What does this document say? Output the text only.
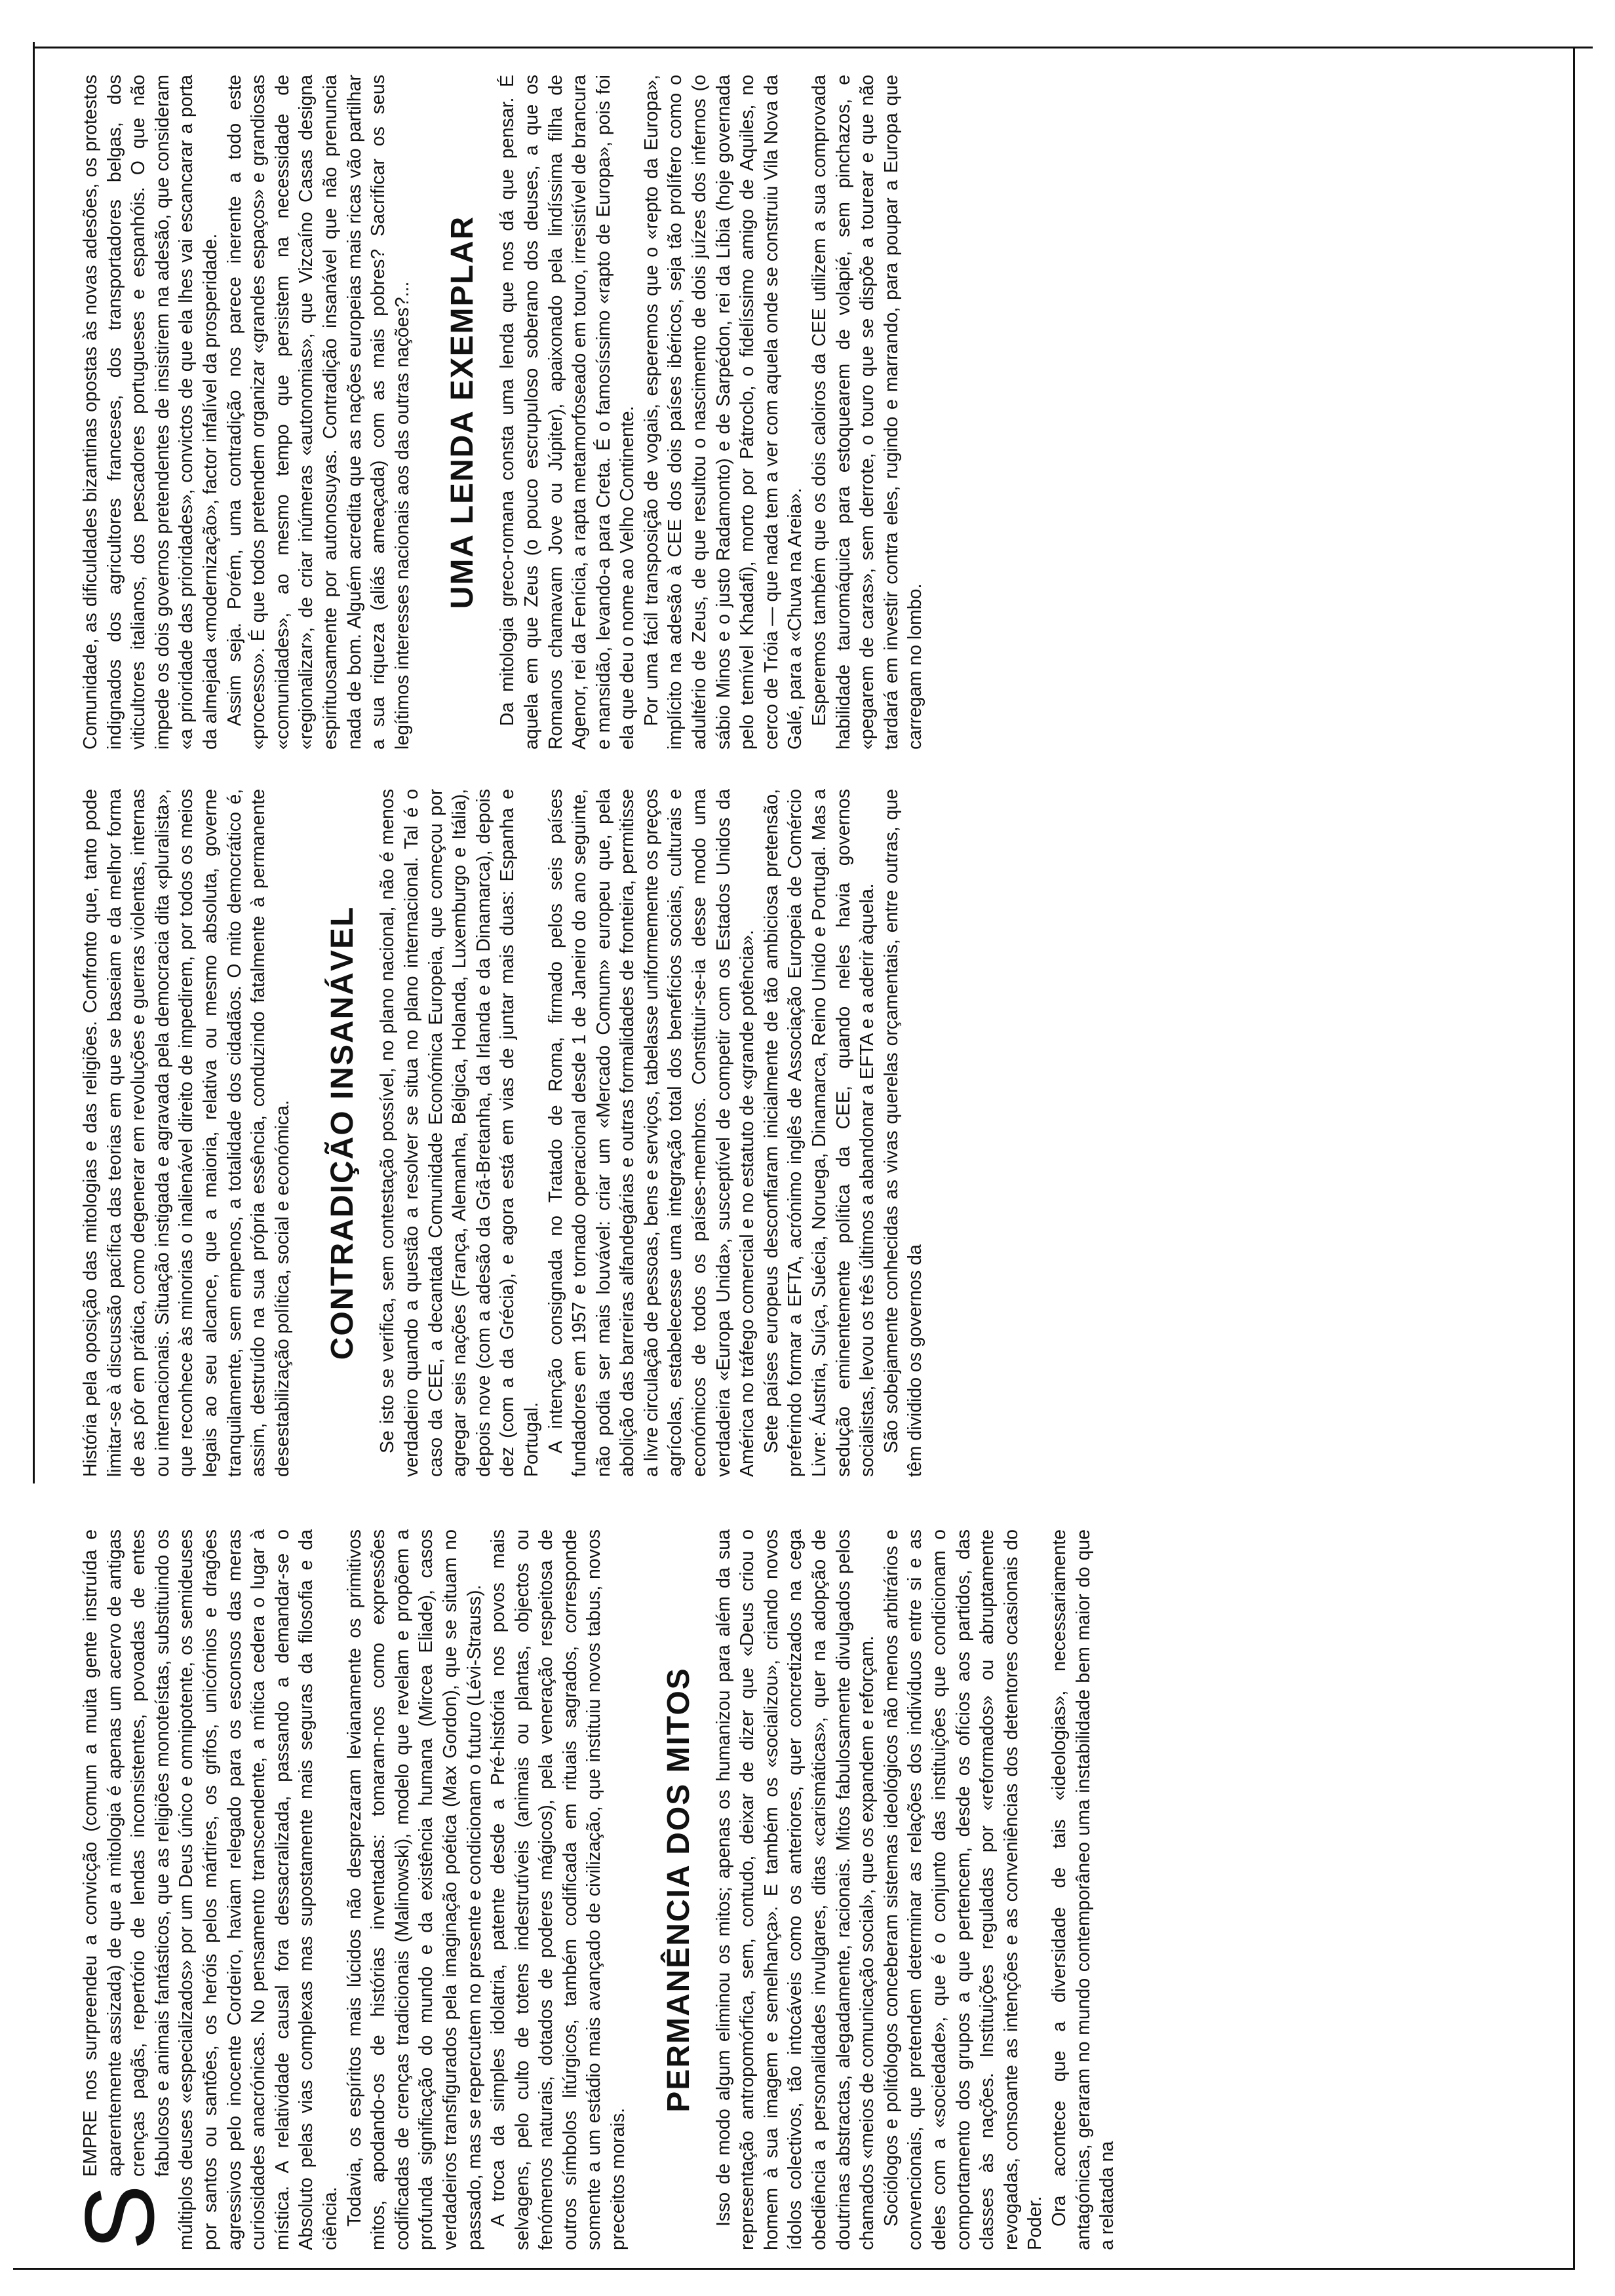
S

EMPRE nos surpreendeu a convicção (comum a muita gente instruída e aparentemente assizada) de que a mitologia é apenas um acervo de antigas crenças pagãs, repertório de lendas inconsistentes, povoadas de entes fabulosos e animais fantásticos, que as religiões monoteístas, substituindo os múltiplos deuses «especializados» por um Deus único e omnipotente, os semideuses por santos ou santões, os heróis pelos mártires, os grifos, unicórnios e dragões agressivos pelo inocente Cordeiro, haviam relegado para os esconsos das meras curiosidades anacrónicas. No pensamento transcendente, a mítica cedera o lugar à mística. A relatividade causal fora dessacralizada, passando a demandar-se o Absoluto pelas vias complexas mas supostamente mais seguras da filosofia e da ciência. Todavia, os espíritos mais lúcidos não desprezaram levianamente os primitivos mitos, apodando-os de histórias inventadas: tomaram-nos como expressões codificadas de crenças tradicionais (Malinowski), modelo que revelam e propõem a profunda significação do mundo e da existência humana (Mircea Eliade), casos verdadeiros transfigurados pela imaginação poética (Max Gordon), que se situam no passado, mas se repercutem no presente e condicionam o futuro (Lévi-Strauss). A troca da simples idolatria, patente desde a Pré-história nos povos mais selvagens, pelo culto de totens indestrutíveis (animais ou plantas, objectos ou fenómenos naturais, dotados de poderes mágicos), pela veneração respeitosa de outros símbolos litúrgicos, também codificada em rituais sagrados, corresponde somente a um estádio mais avançado de civilização, que instituiu novos tabus, novos preceitos morais.

PERMANÊNCIA DOS MITOS Isso de modo algum eliminou os mitos; apenas os humanizou para além da sua representação antropomórfica, sem, contudo, deixar de dizer que «Deus criou o homem à sua imagem e semelhança». E também os «socializou», criando novos ídolos colectivos, tão intocáveis como os anteriores, quer concretizados na cega obediência a personalidades invulgares, ditas «carismáticas», quer na adopção de doutrinas abstractas, alegadamente, racionais. Mitos fabulosamente divulgados pelos chamados «meios de comunicação social», que os expandem e reforçam. Sociólogos e politólogos conceberam sistemas ideológicos não menos arbitrários e convencionais, que pretendem determinar as relações dos indivíduos entre si e as deles com a «sociedade», que é o conjunto das instituições que condicionam o comportamento dos grupos a que pertencem, desde os ofícios aos partidos, das classes às nações. Instituições reguladas por «reformados» ou abruptamente revogadas, consoante as intenções e as conveniências dos detentores ocasionais do Poder. Ora acontece que a diversidade de tais «ideologias», necessariamente antagónicas, geraram no mundo contemporâneo uma instabilidade bem maior do que a relatada na

História pela oposição das mitologias e das religiões. Confronto que, tanto pode limitar-se à discussão pacífica das teorias em que se baseiam e da melhor forma de as pôr em prática, como degenerar em revoluções e guerras violentas, internas ou internacionais. Situação instigada e agravada pela democracia dita «pluralista», que reconhece às minorias o inalienável direito de impedirem, por todos os meios legais ao seu alcance, que a maioria, relativa ou mesmo absoluta, governe tranquilamente, sem empenos, a totalidade dos cidadãos. O mito democrático é, assim, destruído na sua própria essência, conduzindo fatalmente à permanente desestabilização política, social e económica. CONTRADIÇÃO INSANÁVEL Se isto se verifica, sem contestação possível, no plano nacional, não é menos verdadeiro quando a questão a resolver se situa no plano internacional. Tal é o caso da CEE, a decantada Comunidade Económica Europeia, que começou por agregar seis nações (França, Alemanha, Bélgica, Holanda, Luxemburgo e Itália), depois nove (com a adesão da Grã-Bretanha, da Irlanda e da Dinamarca), depois dez (com a da Grécia), e agora está em vias de juntar mais duas: Espanha e Portugal. A intenção consignada no Tratado de Roma, firmado pelos seis países fundadores em 1957 e tornado operacional desde 1 de Janeiro do ano seguinte, não podia ser mais louvável: criar um «Mercado Comum» europeu que, pela abolição das barreiras alfandegárias e outras formalidades de fronteira, permitisse a livre circulação de pessoas, bens e serviços, tabelasse uniformemente os preços agrícolas, estabelecesse uma integração total dos benefícios sociais, culturais e económicos de todos os países-membros. Constituir-se-ia desse modo uma verdadeira «Europa Unida», susceptível de competir com os Estados Unidos da América no tráfego comercial e no estatuto de «grande potência». Sete países europeus desconfiaram inicialmente de tão ambiciosa pretensão, preferindo formar a EFTA, acrónimo inglês de Associação Europeia de Comércio Livre: Áustria, Suíça, Suécia, Noruega, Dinamarca, Reino Unido e Portugal. Mas a sedução eminentemente política da CEE, quando neles havia governos socialistas, levou os três últimos a abandonar a EFTA e a aderir àquela. São sobejamente conhecidas as vivas querelas orçamentais, entre outras, que têm dividido os governos da

Comunidade, as dificuldades bizantinas opostas às novas adesões, os protestos indignados dos agricultores franceses, dos transportadores belgas, dos viticultores italianos, dos pescadores portugueses e espanhóis. O que não impede os dois governos pretendentes de insistirem na adesão, que consideram «a prioridade das prioridades», convictos de que ela lhes vai escancarar a porta da almejada «modernização», factor infalível da prosperidade. Assim seja. Porém, uma contradição nos parece inerente a todo este «processo». É que todos pretendem organizar «grandes espaços» e grandiosas «comunidades», ao mesmo tempo que persistem na necessidade de «regionalizar», de criar inúmeras «autonomias», que Vizcaíno Casas designa espirituosamente por autonosuyas. Contradição insanável que não prenuncia nada de bom. Alguém acredita que as nações europeias mais ricas vão partilhar a sua riqueza (aliás ameaçada) com as mais pobres? Sacrificar os seus legítimos interesses nacionais aos das outras nações?... UMA LENDA EXEMPLAR Da mitologia greco-romana consta uma lenda que nos dá que pensar. É aquela em que Zeus (o pouco escrupuloso soberano dos deuses, a que os Romanos chamavam Jove ou Júpiter), apaixonado pela lindíssima filha de Agenor, rei da Fenícia, a rapta metamorfoseado em touro, irresistível de brancura e mansidão, levando-a para Creta. É o famosíssimo «rapto de Europa», pois foi ela que deu o nome ao Velho Continente. Por uma fácil transposição de vogais, esperemos que o «repto da Europa», implícito na adesão à CEE dos dois países ibéricos, seja tão prolífero como o adultério de Zeus, de que resultou o nascimento de dois juízes dos infernos (o sábio Minos e o justo Radamonto) e de Sarpédon, rei da Líbia (hoje governada pelo temível Khadafi), morto por Pátroclo, o fidelíssimo amigo de Aquiles, no cerco de Tróia — que nada tem a ver com aquela onde se construiu Vila Nova da Galé, para a «Chuva na Areia». Esperemos também que os dois caloiros da CEE utilizem a sua comprovada habilidade tauromáquica para estoquearem de volapié, sem pinchazos, e «pegarem de caras», sem derrote, o touro que se dispõe a tourear e que não tardará em investir contra eles, rugindo e marrando, para poupar a Europa que carregam no lombo.
